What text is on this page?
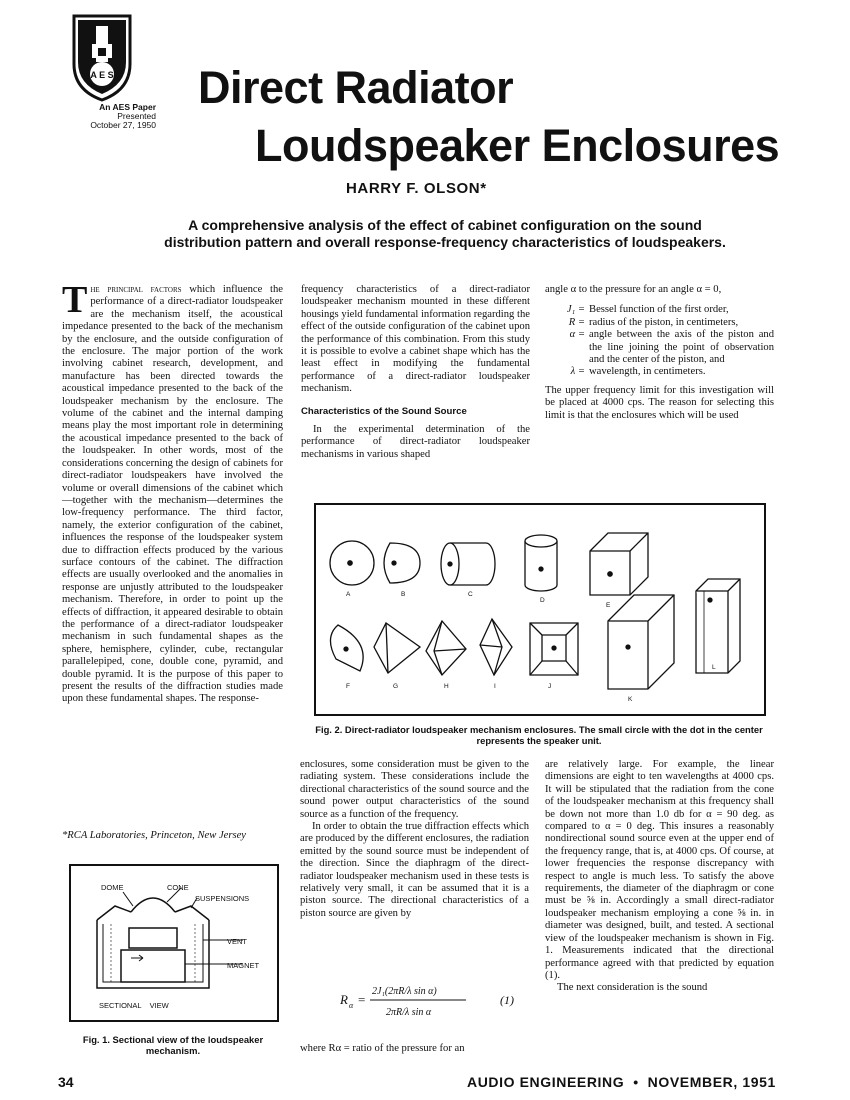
A E S
An AES Paper
Presented
October 27, 1950
Direct Radiator
Loudspeaker Enclosures
HARRY F. OLSON*
A comprehensive analysis of the effect of cabinet configuration on the sound distribution pattern and overall response-frequency characteristics of loudspeakers.

The principal factors which influence the performance of a direct-radiator loudspeaker are the mechanism itself, the acoustical impedance presented to the back of the mechanism by the enclosure, and the outside configuration of the enclosure. The major portion of the work involving cabinet research, development, and manufacture has been directed towards the acoustical impedance presented to the back of the loudspeaker mechanism by the enclosure. The volume of the cabinet and the internal damping means play the most important role in determining the acoustical impedance presented to the back of the loudspeaker. In other words, most of the considerations concerning the design of cabinets for direct-radiator loudspeakers have involved the volume or overall dimensions of the cabinet which—together with the mechanism—determines the low-frequency performance. The third factor, namely, the exterior configuration of the cabinet, influences the response of the loudspeaker system due to diffraction effects produced by the various surface contours of the cabinet. The diffraction effects are usually overlooked and the anomalies in response are unjustly attributed to the loudspeaker mechanism. Therefore, in order to point up the effects of diffraction, it appeared desirable to obtain the performance of a direct-radiator loudspeaker mechanism in such fundamental shapes as the sphere, hemisphere, cylinder, cube, rectangular parallelepiped, cone, double cone, pyramid, and double pyramid. It is the purpose of this paper to present the results of the diffraction studies made upon these fundamental shapes. The response-

*RCA Laboratories, Princeton, New Jersey

frequency characteristics of a direct-radiator loudspeaker mechanism mounted in these different housings yield fundamental information regarding the effect of the outside configuration of the cabinet upon the performance of this combination. From this study it is possible to evolve a cabinet shape which has the least effect in modifying the fundamental performance of a direct-radiator loudspeaker mechanism.

Characteristics of the Sound Source

In the experimental determination of the performance of direct-radiator loudspeaker mechanisms in various shaped

angle α to the pressure for an angle α = 0,

J₁ = Bessel function of the first order,
R = radius of the piston, in centimeters,
α = angle between the axis of the piston and the line joining the point of observation and the center of the piston, and
λ = wavelength, in centimeters.

The upper frequency limit for this investigation will be placed at 4000 cps. The reason for selecting this limit is that the enclosures which will be used

A	B	C
D
E
F	G	H	I	J
K
L
Fig. 2. Direct-radiator loudspeaker mechanism enclosures. The small circle with the dot in the center represents the speaker unit.
DOME	CONE
SUSPENSIONS
VENT
MAGNET
SECTIONAL    VIEW
Fig. 1. Sectional view of the loudspeaker mechanism.

enclosures, some consideration must be given to the radiating system. These considerations include the directional characteristics of the sound source and the sound power output characteristics of the sound source as a function of the frequency.

In order to obtain the true diffraction effects which are produced by the different enclosures, the radiation emitted by the sound source must be independent of the direction. Since the diaphragm of the direct-radiator loudspeaker mechanism used in these tests is relatively very small, it can be assumed that it is a piston source. The directional characteristics of a piston source are given by

R α =
2J₁(2πR/λ sin α)
2πR/λ sin α
(1)
where Rα = ratio of the pressure for an

are relatively large. For example, the linear dimensions are eight to ten wavelengths at 4000 cps. It will be stipulated that the radiation from the cone of the loudspeaker mechanism at this frequency shall be down not more than 1.0 db for α = 90 deg. as compared to α = 0 deg. This insures a reasonably nondirectional sound source even at the upper end of the frequency range, that is, at 4000 cps. Of course, at lower frequencies the response discrepancy with respect to angle is much less. To satisfy the above requirements, the diameter of the diaphragm or cone must be ⅝ in. Accordingly a small direct-radiator loudspeaker mechanism employing a cone ⅝ in. in diameter was designed, built, and tested. A sectional view of the loudspeaker mechanism is shown in Fig. 1. Measurements indicated that the directional performance agreed with that predicted by equation (1).

The next consideration is the sound

34	AUDIO ENGINEERING  •  NOVEMBER, 1951
